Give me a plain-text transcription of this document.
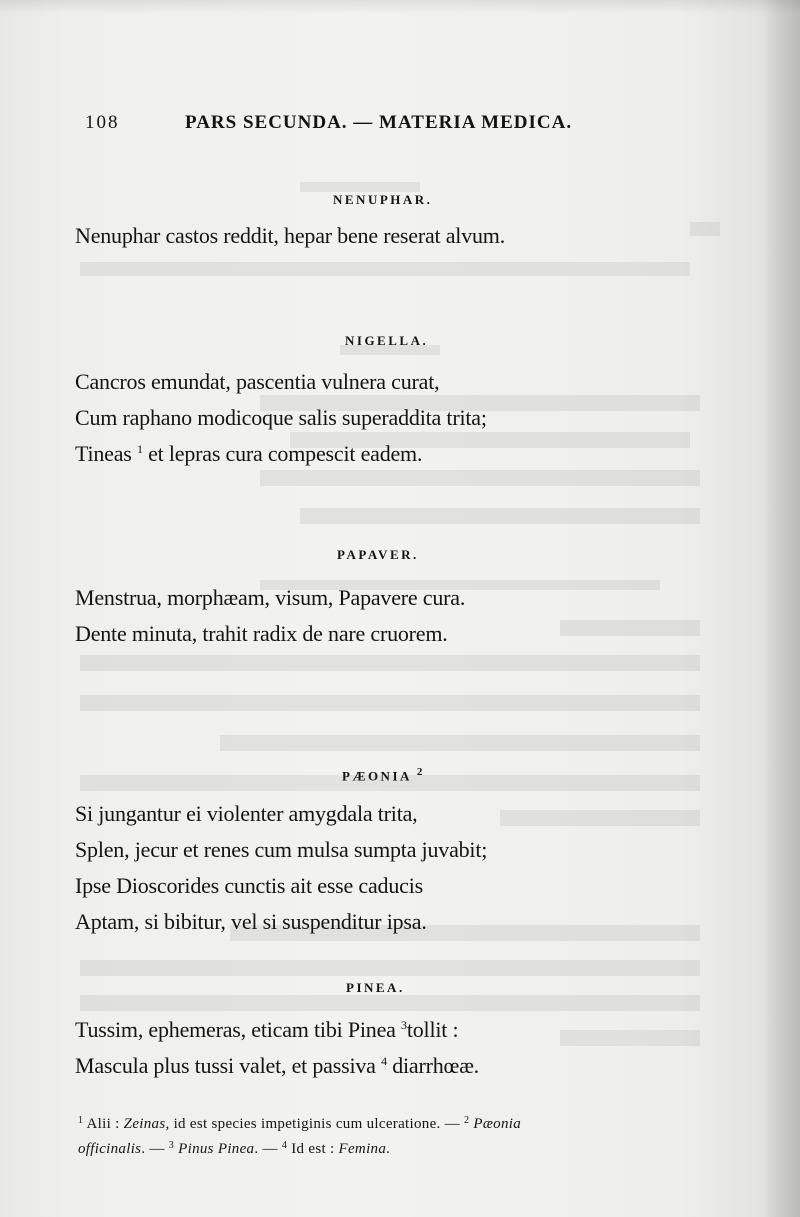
108	PARS SECUNDA. — MATERIA MEDICA.
NENUPHAR.
Nenuphar castos reddit, hepar bene reserat alvum.
NIGELLA.
Cancros emundat, pascentia vulnera curat,
Cum raphano modicoque salis superaddita trita;
Tineas $^1$ et lepras cura compescit eadem.
PAPAVER.
Menstrua, morphæam, visum, Papavere cura.
Dente minuta, trahit radix de nare cruorem.
PÆONIA $^2$
Si jungantur ei violenter amygdala trita,
Splen, jecur et renes cum mulsa sumpta juvabit;
Ipse Dioscorides cunctis ait esse caducis
Aptam, si bibitur, vel si suspenditur ipsa.
PINEA.
Tussim, ephemeras, eticam tibi Pinea $^3$tollit :
Mascula plus tussi valet, et passiva $^4$ diarrhœæ.
$^1$ Alii : Zeinas, id est species impetiginis cum ulceratione. — $^2$ Pæonia
officinalis. — $^3$ Pinus Pinea. — $^4$ Id est : Femina.
